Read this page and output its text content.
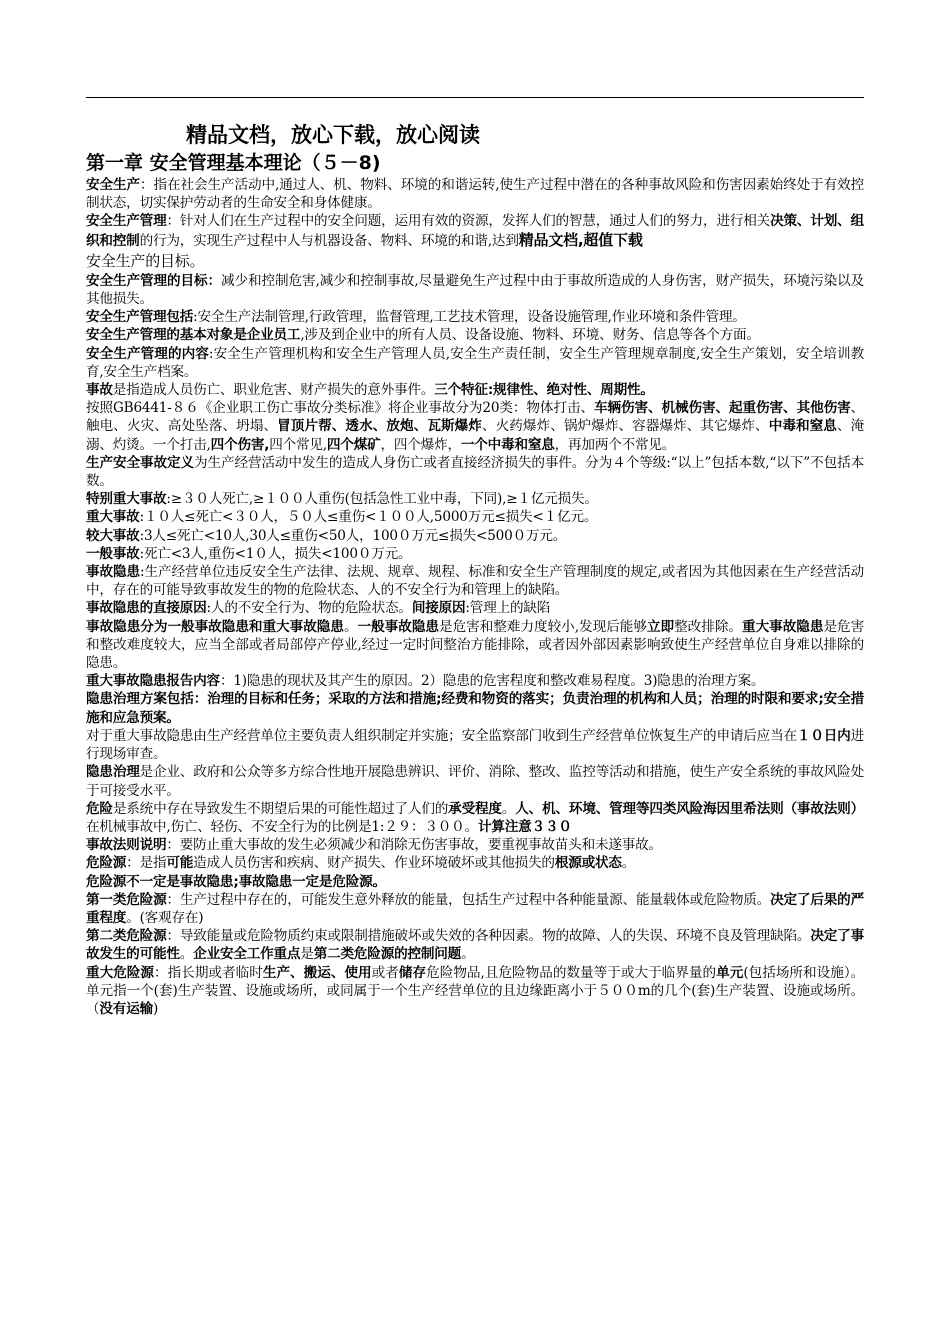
精品文档，放心下载，放心阅读
第一章 安全管理基本理论（５－8)

安全生产：指在社会生产活动中,通过人、机、物料、环境的和谐运转,使生产过程中潜在的各种事故风险和伤害因素始终处于有效控制状态，切实保护劳动者的生命安全和身体健康。

安全生产管理：针对人们在生产过程中的安全问题，运用有效的资源，发挥人们的智慧，通过人们的努力，进行相关决策、计划、组织和控制的行为，实现生产过程中人与机器设备、物料、环境的和谐,达到精品文档,超值下载

安全生产的目标。

安全生产管理的目标：减少和控制危害,减少和控制事故,尽量避免生产过程中由于事故所造成的人身伤害，财产损失，环境污染以及其他损失。

安全生产管理包括:安全生产法制管理,行政管理，监督管理,工艺技术管理，设备设施管理,作业环境和条件管理。

安全生产管理的基本对象是企业员工,涉及到企业中的所有人员、设备设施、物料、环境、财务、信息等各个方面。

安全生产管理的内容:安全生产管理机构和安全生产管理人员,安全生产责任制，安全生产管理规章制度,安全生产策划，安全培训教育,安全生产档案。

事故是指造成人员伤亡、职业危害、财产损失的意外事件。三个特征:规律性、绝对性、周期性。

按照GB6441-８６《企业职工伤亡事故分类标准》将企业事故分为20类：物体打击、车辆伤害、机械伤害、起重伤害、其他伤害、触电、火灾、高处坠落、坍塌、冒顶片帮、透水、放炮、瓦斯爆炸、火药爆炸、锅炉爆炸、容器爆炸、其它爆炸、中毒和窒息、淹溺、灼烫。一个打击,四个伤害,四个常见,四个煤矿，四个爆炸，一个中毒和窒息，再加两个不常见。

生产安全事故定义为生产经营活动中发生的造成人身伤亡或者直接经济损失的事件。分为４个等级:“以上”包括本数,“以下”不包括本数。

特别重大事故:≥３０人死亡,≥１００人重伤(包括急性工业中毒，下同),≥１亿元损失。

重大事故:１０人≤死亡<３０人，５０人≤重伤<１００人,5000万元≤损失<１亿元。

较大事故:3人≤死亡<10人,30人≤重伤<50人，100０万元≤损失<500０万元。

一般事故:死亡<3人,重伤<1０人，损失<100０万元。

事故隐患:生产经营单位违反安全生产法律、法规、规章、规程、标准和安全生产管理制度的规定,或者因为其他因素在生产经营活动中，存在的可能导致事故发生的物的危险状态、人的不安全行为和管理上的缺陷。

事故隐患的直接原因:人的不安全行为、物的危险状态。间接原因:管理上的缺陷

事故隐患分为一般事故隐患和重大事故隐患。一般事故隐患是危害和整难力度较小,发现后能够立即整改排除。重大事故隐患是危害和整改难度较大，应当全部或者局部停产停业,经过一定时间整治方能排除，或者因外部因素影响致使生产经营单位自身难以排除的隐患。

重大事故隐患报告内容：1)隐患的现状及其产生的原因。2）隐患的危害程度和整改难易程度。3)隐患的治理方案。

隐患治理方案包括：治理的目标和任务；采取的方法和措施;经费和物资的落实；负责治理的机构和人员；治理的时限和要求;安全措施和应急预案。

对于重大事故隐患由生产经营单位主要负责人组织制定并实施；安全监察部门收到生产经营单位恢复生产的申请后应当在１０日内进行现场审查。

隐患治理是企业、政府和公众等多方综合性地开展隐患辨识、评价、消除、整改、监控等活动和措施，使生产安全系统的事故风险处于可接受水平。

危险是系统中存在导致发生不期望后果的可能性超过了人们的承受程度。人、机、环境、管理等四类风险海因里希法则（事故法则）在机械事故中,伤亡、轻伤、不安全行为的比例是1:２９：３００。计算注意３３０

事故法则说明：要防止重大事故的发生必须减少和消除无伤害事故，要重视事故苗头和未遂事故。

危险源：是指可能造成人员伤害和疾病、财产损失、作业环境破坏或其他损失的根源或状态。

危险源不一定是事故隐患;事故隐患一定是危险源。

第一类危险源：生产过程中存在的，可能发生意外释放的能量，包括生产过程中各种能量源、能量载体或危险物质。决定了后果的严重程度。(客观存在)

第二类危险源：导致能量或危险物质约束或限制措施破坏或失效的各种因素。物的故障、人的失误、环境不良及管理缺陷。决定了事故发生的可能性。企业安全工作重点是第二类危险源的控制问题。

重大危险源：指长期或者临时生产、搬运、使用或者储存危险物品,且危险物品的数量等于或大于临界量的单元(包括场所和设施）。单元指一个(套)生产装置、设施或场所，或同属于一个生产经营单位的且边缘距离小于５００m的几个(套)生产装置、设施或场所。（没有运输)
